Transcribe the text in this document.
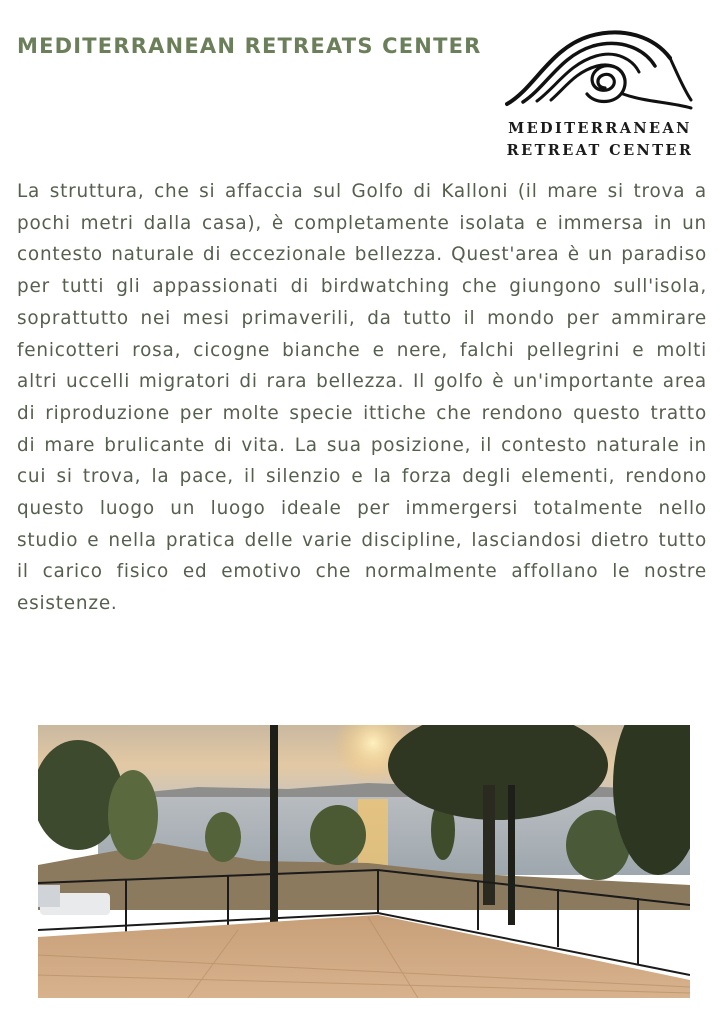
MEDITERRANEAN RETREATS CENTER
MEDITERRANEAN
RETREAT CENTER

La struttura, che si affaccia sul Golfo di Kalloni (il mare si trova a pochi metri dalla casa), è completamente isolata e immersa in un contesto naturale di eccezionale bellezza. Quest'area è un paradiso per tutti gli appassionati di birdwatching che giungono sull'isola, soprattutto nei mesi primaverili, da tutto il mondo per ammirare fenicotteri rosa, cicogne bianche e nere, falchi pellegrini e molti altri uccelli migratori di rara bellezza. Il golfo è un'importante area di riproduzione per molte specie ittiche che rendono questo tratto di mare brulicante di vita. La sua posizione, il contesto naturale in cui si trova, la pace, il silenzio e la forza degli elementi, rendono questo luogo un luogo ideale per immergersi totalmente nello studio e nella pratica delle varie discipline, lasciandosi dietro tutto il carico fisico ed emotivo che normalmente affollano le nostre esistenze.
